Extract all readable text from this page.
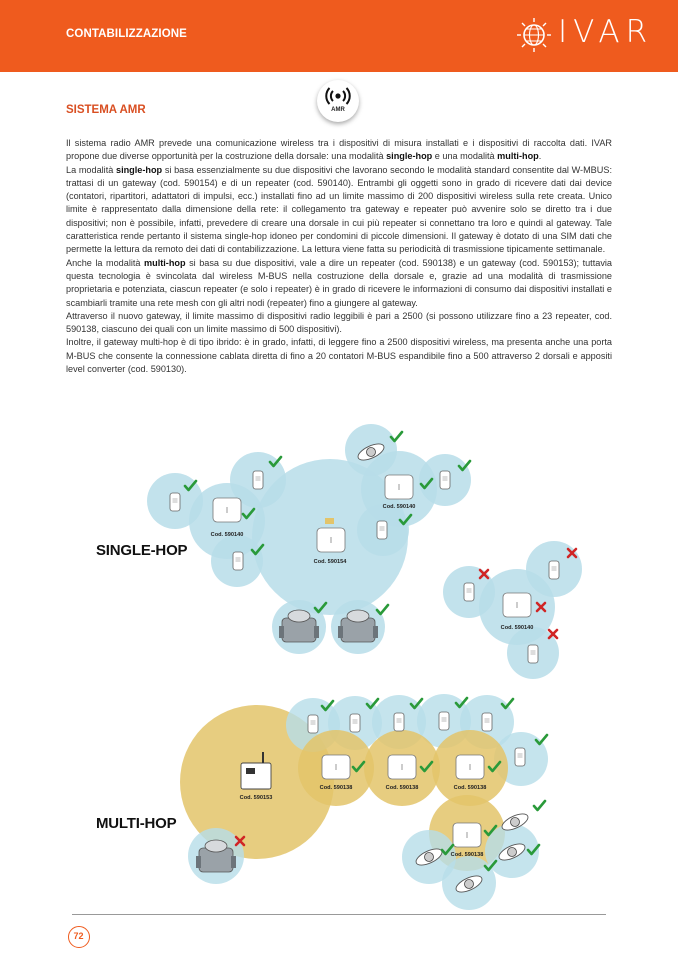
CONTABILIZZAZIONE	IVAR
SISTEMA AMR	AMR

Il sistema radio AMR prevede una comunicazione wireless tra i dispositivi di misura installati e i dispositivi di raccolta dati. IVAR propone due diverse opportunità per la costruzione della dorsale: una modalità single-hop e una modalità multi-hop.

La modalità single-hop si basa essenzialmente su due dispositivi che lavorano secondo le modalità standard consentite dal W-MBUS: trattasi di un gateway (cod. 590154) e di un repeater (cod. 590140). Entrambi gli oggetti sono in grado di ricevere dati dai device (contatori, ripartitori, adattatori di impulsi, ecc.) installati fino ad un limite massimo di 200 dispositivi wireless sulla rete creata. Unico limite è rappresentato dalla dimensione della rete: il collegamento tra gateway e repeater può avvenire solo se diretto tra i due dispositivi; non è possibile, infatti, prevedere di creare una dorsale in cui più repeater si connettano tra loro e quindi al gateway. Tale caratteristica rende pertanto il sistema single-hop idoneo per condomini di piccole dimensioni. Il gateway è dotato di una SIM dati che permette la lettura da remoto dei dati di contabilizzazione. La lettura viene fatta su periodicità di trasmissione tipicamente settimanale.

Anche la modalità multi-hop si basa su due dispositivi, vale a dire un repeater (cod. 590138) e un gateway (cod. 590153); tuttavia questa tecnologia è svincolata dal wireless M-BUS nella costruzione della dorsale e, grazie ad una modalità di trasmissione proprietaria e potenziata, ciascun repeater (e solo i repeater) è in grado di ricevere le informazioni di consumo dai dispositivi installati e scambiarli tramite una rete mesh con gli altri nodi (repeater) fino a giungere al gateway.

Attraverso il nuovo gateway, il limite massimo di dispositivi radio leggibili è pari a 2500 (si possono utilizzare fino a 23 repeater, cod. 590138, ciascuno dei quali con un limite massimo di 500 dispositivi).

Inoltre, il gateway multi-hop è di tipo ibrido: è in grado, infatti, di leggere fino a 2500 dispositivi wireless, ma presenta anche una porta M-BUS che consente la connessione cablata diretta di fino a 20 contatori M-BUS espandibile fino a 500 attraverso 2 dorsali e appositi level converter (cod. 590130).

Cod. 590140
Cod. 590140
Cod. 590154
Cod. 590140
Cod. 590153
Cod. 590138	Cod. 590138	Cod. 590138
Cod. 590138
SINGLE-HOP
MULTI-HOP
72
